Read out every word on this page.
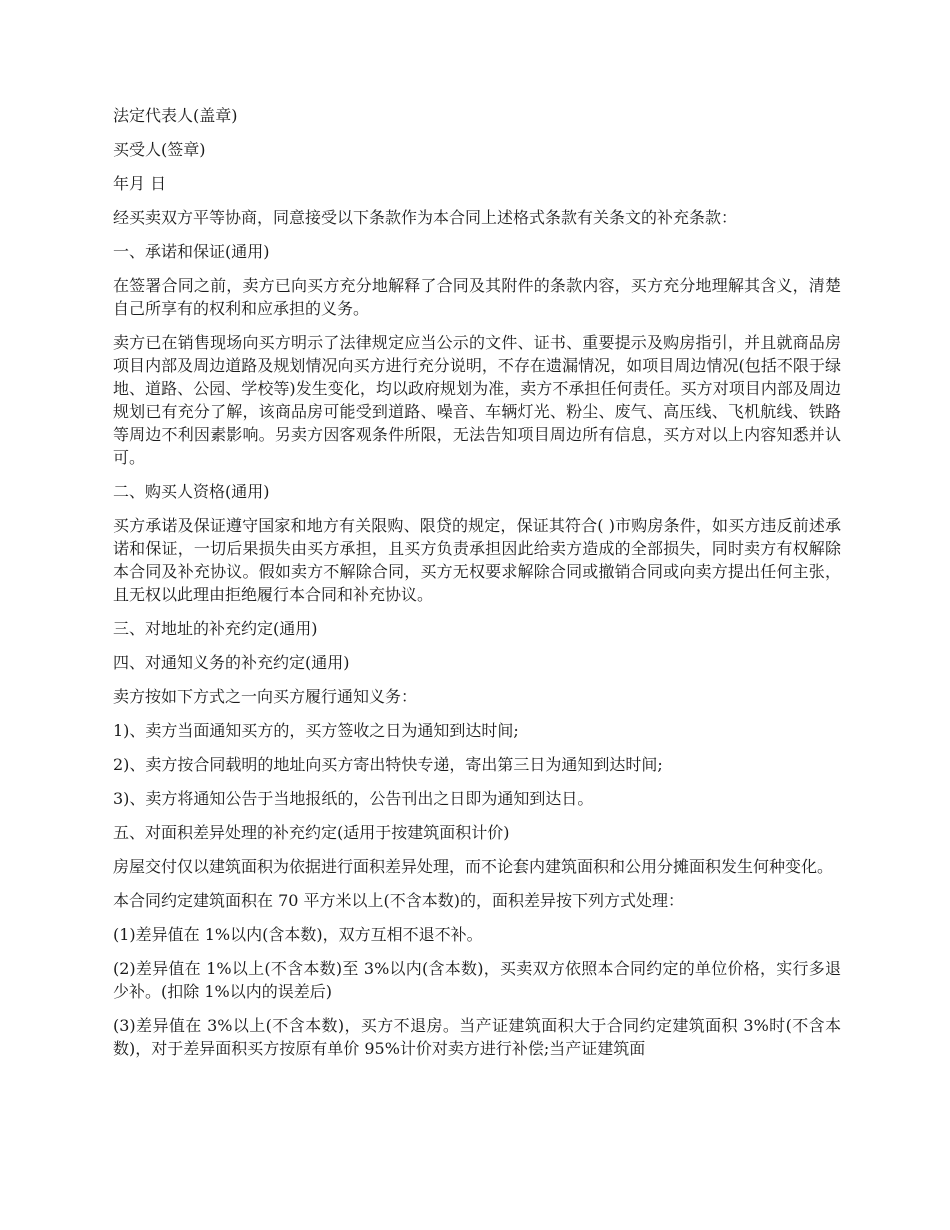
法定代表人(盖章)

买受人(签章)

年月 日

经买卖双方平等协商，同意接受以下条款作为本合同上述格式条款有关条文的补充条款：

一、承诺和保证(通用)

在签署合同之前，卖方已向买方充分地解释了合同及其附件的条款内容，买方充分地理解其含义，清楚自己所享有的权利和应承担的义务。

卖方已在销售现场向买方明示了法律规定应当公示的文件、证书、重要提示及购房指引，并且就商品房项目内部及周边道路及规划情况向买方进行充分说明，不存在遗漏情况，如项目周边情况(包括不限于绿地、道路、公园、学校等)发生变化，均以政府规划为准，卖方不承担任何责任。买方对项目内部及周边规划已有充分了解，该商品房可能受到道路、噪音、车辆灯光、粉尘、废气、高压线、飞机航线、铁路等周边不利因素影响。另卖方因客观条件所限，无法告知项目周边所有信息，买方对以上内容知悉并认可。

二、购买人资格(通用)

买方承诺及保证遵守国家和地方有关限购、限贷的规定，保证其符合( )市购房条件，如买方违反前述承诺和保证，一切后果损失由买方承担，且买方负责承担因此给卖方造成的全部损失，同时卖方有权解除本合同及补充协议。假如卖方不解除合同，买方无权要求解除合同或撤销合同或向卖方提出任何主张，且无权以此理由拒绝履行本合同和补充协议。

三、对地址的补充约定(通用)

四、对通知义务的补充约定(通用)

卖方按如下方式之一向买方履行通知义务：

1)、卖方当面通知买方的，买方签收之日为通知到达时间;

2)、卖方按合同载明的地址向买方寄出特快专递，寄出第三日为通知到达时间;

3)、卖方将通知公告于当地报纸的，公告刊出之日即为通知到达日。

五、对面积差异处理的补充约定(适用于按建筑面积计价)

房屋交付仅以建筑面积为依据进行面积差异处理，而不论套内建筑面积和公用分摊面积发生何种变化。

本合同约定建筑面积在 70 平方米以上(不含本数)的，面积差异按下列方式处理：

(1)差异值在 1%以内(含本数)，双方互相不退不补。

(2)差异值在 1%以上(不含本数)至 3%以内(含本数)，买卖双方依照本合同约定的单位价格，实行多退少补。(扣除 1%以内的误差后)

(3)差异值在 3%以上(不含本数)，买方不退房。当产证建筑面积大于合同约定建筑面积 3%时(不含本数)，对于差异面积买方按原有单价 95%计价对卖方进行补偿;当产证建筑面
